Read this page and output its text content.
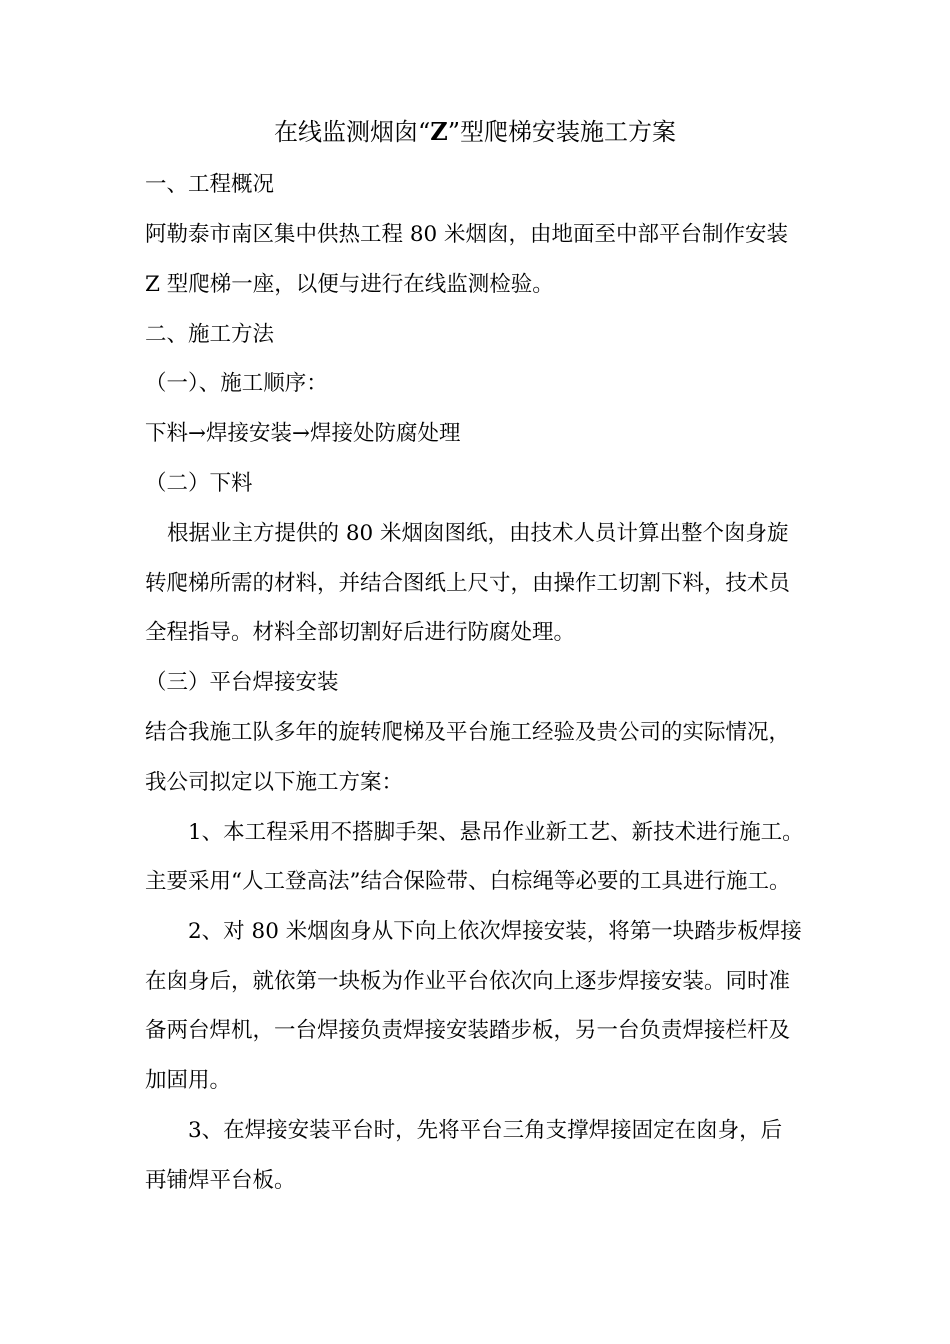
在线监测烟囱“Z”型爬梯安装施工方案
一、工程概况
阿勒泰市南区集中供热工程 80 米烟囱，由地面至中部平台制作安装
Z 型爬梯一座，以便与进行在线监测检验。
二、施工方法
（一）、施工顺序：
下料→焊接安装→焊接处防腐处理
（二）下料
根据业主方提供的 80 米烟囱图纸，由技术人员计算出整个囱身旋
转爬梯所需的材料，并结合图纸上尺寸，由操作工切割下料，技术员
全程指导。材料全部切割好后进行防腐处理。
（三）平台焊接安装
结合我施工队多年的旋转爬梯及平台施工经验及贵公司的实际情况，
我公司拟定以下施工方案：
1、本工程采用不搭脚手架、悬吊作业新工艺、新技术进行施工。
主要采用“人工登高法”结合保险带、白棕绳等必要的工具进行施工。
2、对 80 米烟囱身从下向上依次焊接安装，将第一块踏步板焊接
在囱身后，就依第一块板为作业平台依次向上逐步焊接安装。同时准
备两台焊机，一台焊接负责焊接安装踏步板，另一台负责焊接栏杆及
加固用。
3、在焊接安装平台时，先将平台三角支撑焊接固定在囱身，后
再铺焊平台板。
